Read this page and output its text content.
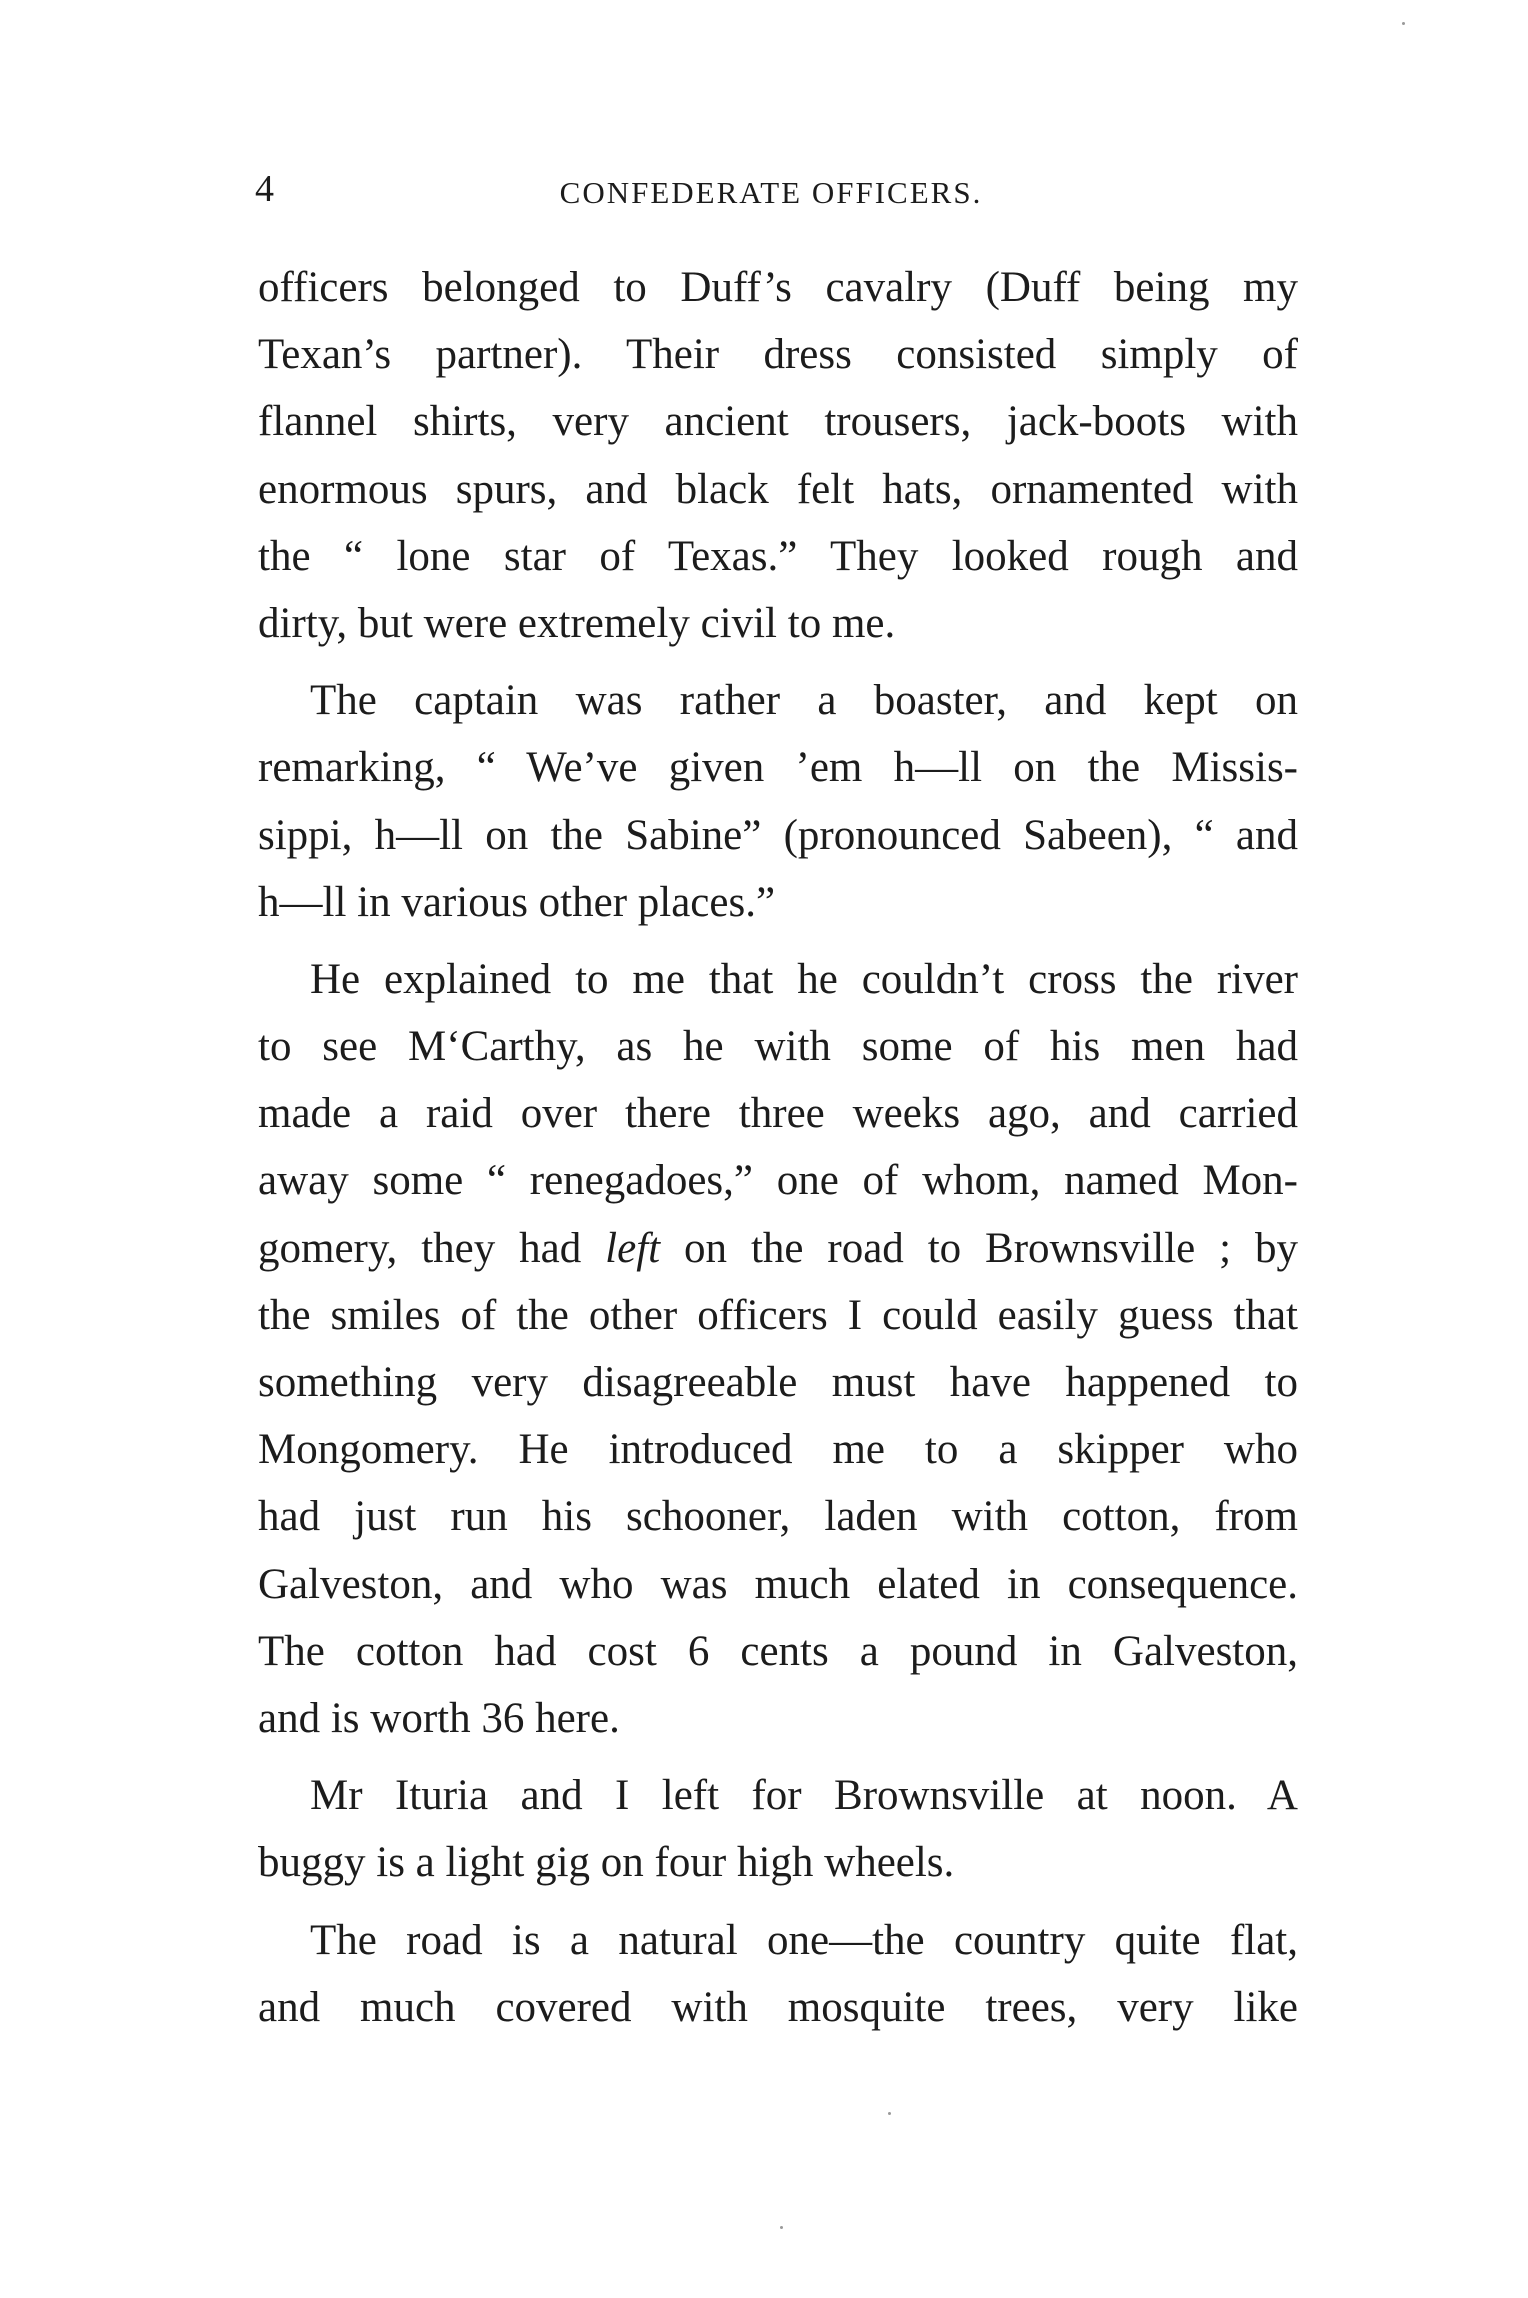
4	CONFEDERATE OFFICERS.
officers belonged to Duff’s cavalry (Duff being my
Texan’s partner). Their dress consisted simply of
flannel shirts, very ancient trousers, jack-boots with
enormous spurs, and black felt hats, ornamented with
the “ lone star of Texas.” They looked rough and
dirty, but were extremely civil to me.
The captain was rather a boaster, and kept on
remarking, “ We’ve given ’em h—ll on the Missis-
sippi, h—ll on the Sabine” (pronounced Sabeen), “ and
h—ll in various other places.”
He explained to me that he couldn’t cross the river
to see M‘Carthy, as he with some of his men had
made a raid over there three weeks ago, and carried
away some “ renegadoes,” one of whom, named Mon-
gomery, they had left on the road to Brownsville ; by
the smiles of the other officers I could easily guess that
something very disagreeable must have happened to
Mongomery. He introduced me to a skipper who
had just run his schooner, laden with cotton, from
Galveston, and who was much elated in consequence.
The cotton had cost 6 cents a pound in Galveston,
and is worth 36 here.
Mr Ituria and I left for Brownsville at noon. A
buggy is a light gig on four high wheels.
The road is a natural one—the country quite flat,
and much covered with mosquite trees, very like
